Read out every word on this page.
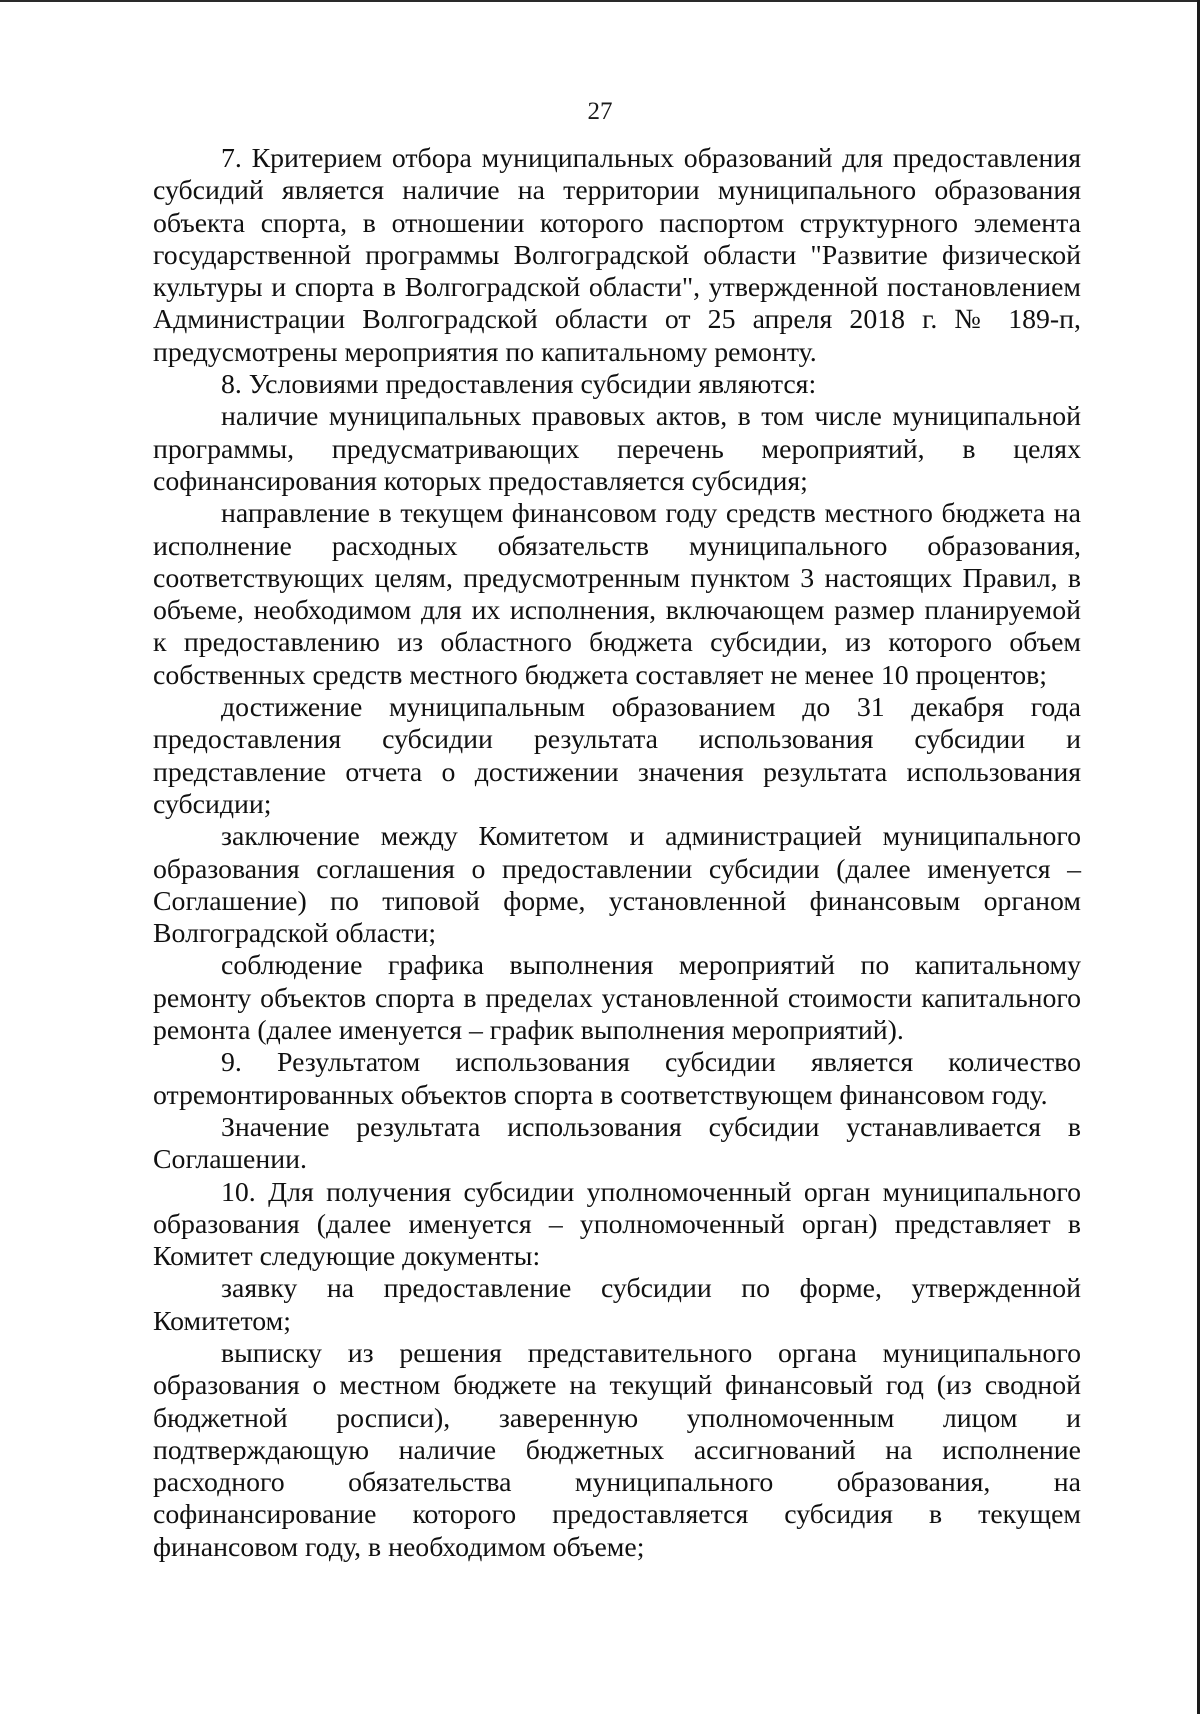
27

7. Критерием отбора муниципальных образований для предоставления субсидий является наличие на территории муниципального образования объекта спорта, в отношении которого паспортом структурного элемента государственной программы Волгоградской области "Развитие физической культуры и спорта в Волгоградской области", утвержденной постановлением Администрации Волгоградской области от 25 апреля 2018 г. № 189-п, предусмотрены мероприятия по капитальному ремонту.

8. Условиями предоставления субсидии являются:

наличие муниципальных правовых актов, в том числе муниципальной программы, предусматривающих перечень мероприятий, в целях софинансирования которых предоставляется субсидия;

направление в текущем финансовом году средств местного бюджета на исполнение расходных обязательств муниципального образования, соответствующих целям, предусмотренным пунктом 3 настоящих Правил, в объеме, необходимом для их исполнения, включающем размер планируемой к предоставлению из областного бюджета субсидии, из которого объем собственных средств местного бюджета составляет не менее 10 процентов;

достижение муниципальным образованием до 31 декабря года предоставления субсидии результата использования субсидии и представление отчета о достижении значения результата использования субсидии;

заключение между Комитетом и администрацией муниципального образования соглашения о предоставлении субсидии (далее именуется – Соглашение) по типовой форме, установленной финансовым органом Волгоградской области;

соблюдение графика выполнения мероприятий по капитальному ремонту объектов спорта в пределах установленной стоимости капитального ремонта (далее именуется – график выполнения мероприятий).

9. Результатом использования субсидии является количество отремонтированных объектов спорта в соответствующем финансовом году.

Значение результата использования субсидии устанавливается в Соглашении.

10. Для получения субсидии уполномоченный орган муниципального образования (далее именуется – уполномоченный орган) представляет в Комитет следующие документы:

заявку на предоставление субсидии по форме, утвержденной Комитетом;

выписку из решения представительного органа муниципального образования о местном бюджете на текущий финансовый год (из сводной бюджетной росписи), заверенную уполномоченным лицом и подтверждающую наличие бюджетных ассигнований на исполнение расходного обязательства муниципального образования, на софинансирование которого предоставляется субсидия в текущем финансовом году, в необходимом объеме;
